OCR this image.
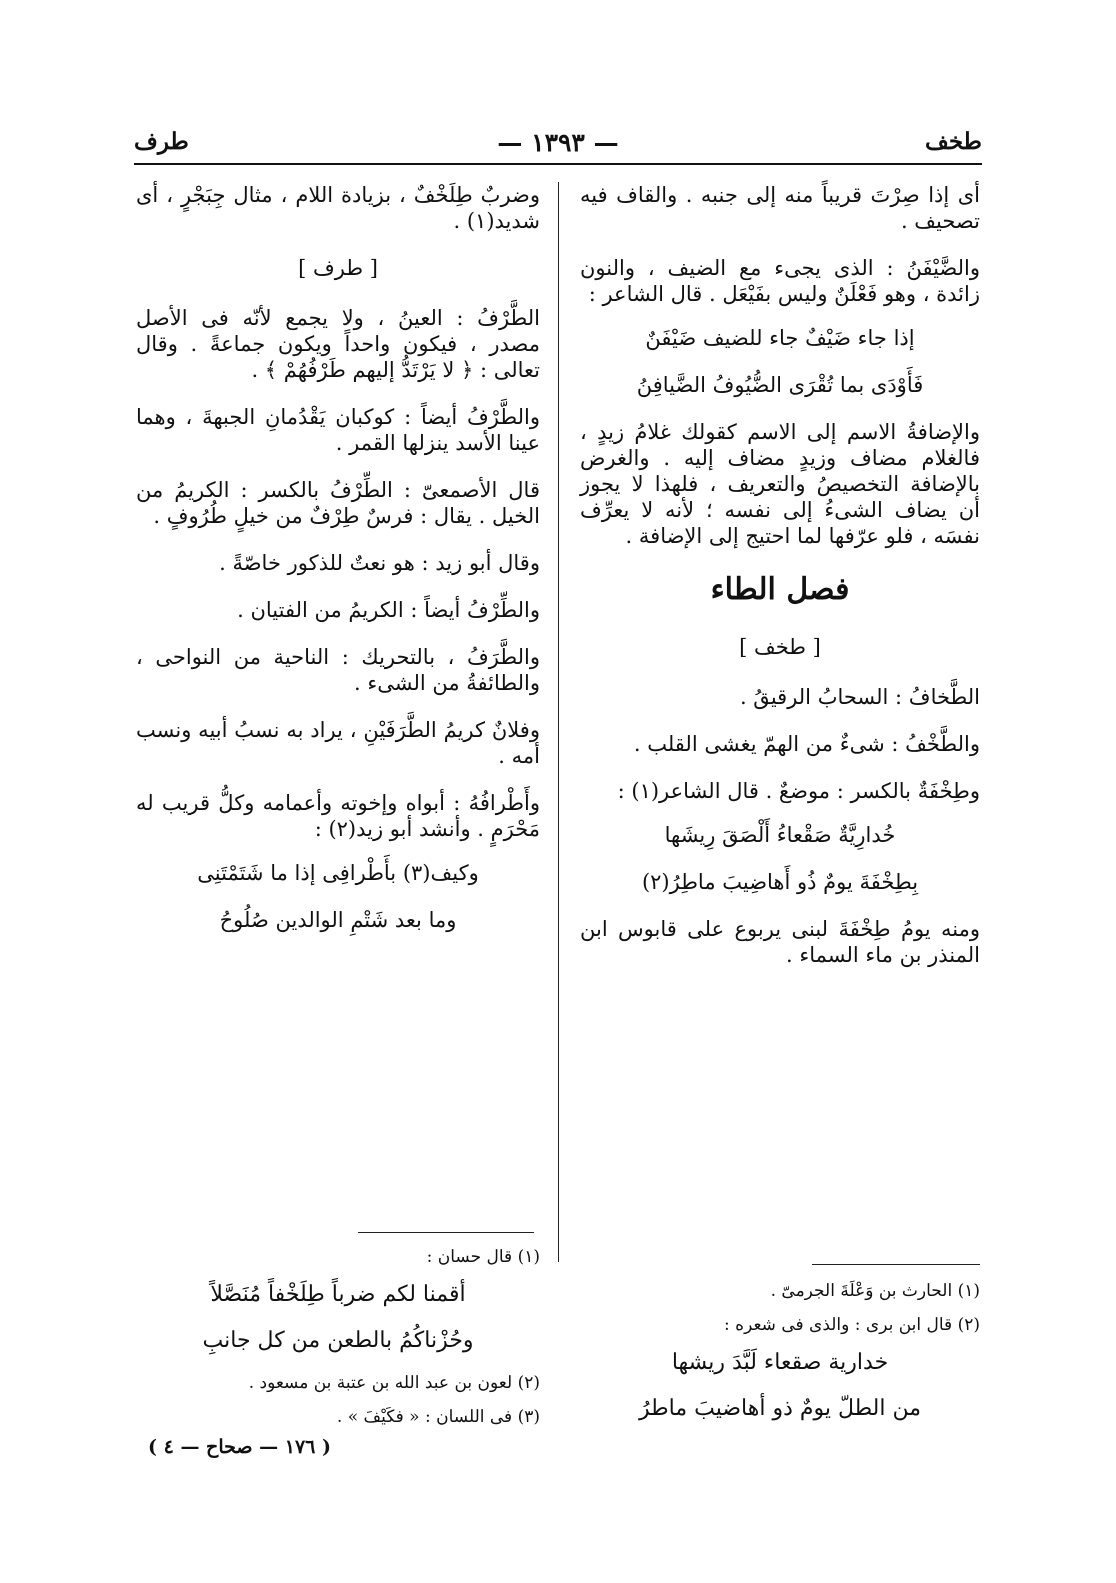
طخف
— ١٣٩٣ —
طرف

أى إذا صِرْتَ قريباً منه إلى جنبه . والقاف فيه تصحيف .

والضَّيْفَنُ : الذى يجىء مع الضيف ، والنون زائدة ، وهو فَعْلَنٌ وليس بفَيْعَل . قال الشاعر :

إذا جاء ضَيْفٌ جاء للضيف ضَيْفَنٌ
فَأَوْدَى بما تُقْرَى الضُّيُوفُ الضَّيافِنُ

والإضافةُ الاسم إلى الاسم كقولك غلامُ زيدٍ ، فالغلام مضاف وزيدٍ مضاف إليه . والغرض بالإضافة التخصيصُ والتعريف ، فلهذا لا يجوز أن يضاف الشىءُ إلى نفسه ؛ لأنه لا يعرِّف نفسَه ، فلو عرّفها لما احتيج إلى الإضافة .

فصل الطاء
[ طخف ]

الطَّخافُ : السحابُ الرقيقُ .

والطَّخْفُ : شىءٌ من الهمّ يغشى القلب .

وطِخْفَةٌ بالكسر : موضعٌ . قال الشاعر(١) :

خُدارِيَّةٌ صَقْعاءُ أَلْصَقَ رِيشَها
بِطِخْفَةَ يومٌ ذُو أَهاضِيبَ ماطِرُ(٢)

ومنه يومُ طِخْفَةَ لبنى يربوع على قابوس ابن المنذر بن ماء السماء .

وضربٌ طِلَخْفٌ ، بزيادة اللام ، مثال جِبَجْرٍ ، أى شديد(١) .

[ طرف ]

الطَّرْفُ : العينُ ، ولا يجمع لأنّه فى الأصل مصدر ، فيكون واحداً ويكون جماعةً . وقال تعالى : ﴿ لا يَرْتَدُّ إليهم طَرْفُهُمْ ﴾ .

والطَّرْفُ أيضاً : كوكبان يَقْدُمانِ الجبهةَ ، وهما عينا الأسد ينزلها القمر .

قال الأصمعىّ : الطِّرْفُ بالكسر : الكريمُ من الخيل . يقال : فرسٌ طِرْفٌ من خيلٍ طُرُوفٍ .

وقال أبو زيد : هو نعتٌ للذكور خاصّةً .

والطِّرْفُ أيضاً : الكريمُ من الفتيان .

والطَّرَفُ ، بالتحريك : الناحية من النواحى ، والطائفةُ من الشىء .

وفلانٌ كريمُ الطَّرَفَيْنِ ، يراد به نسبُ أبيه ونسب أمه .

وأَطْرافُهُ : أبواه وإخوته وأعمامه وكلُّ قريب له مَحْرَمٍ . وأنشد أبو زيد(٢) :

وكيف(٣) بأَطْرافِى إذا ما شَتَمْتَنِى
وما بعد شَتْمِ الوالدين صُلُوحُ

(١) الحارث بن وَعْلَةَ الجرمىّ .

(٢) قال ابن برى : والذى فى شعره :

خدارية صقعاء لَبَّدَ ريشها
من الطلّ يومٌ ذو أهاضيبَ ماطرُ

(١) قال حسان :

أقمنا لكم ضرباً طِلَخْفاً مُنَصَّلاً
وحُزْناكُمُ بالطعن من كل جانبِ

(٢) لعون بن عبد الله بن عتبة بن مسعود .

(٣) فى اللسان : « فكَيْفَ » .

( ١٧٦ — صحاح — ٤ )
